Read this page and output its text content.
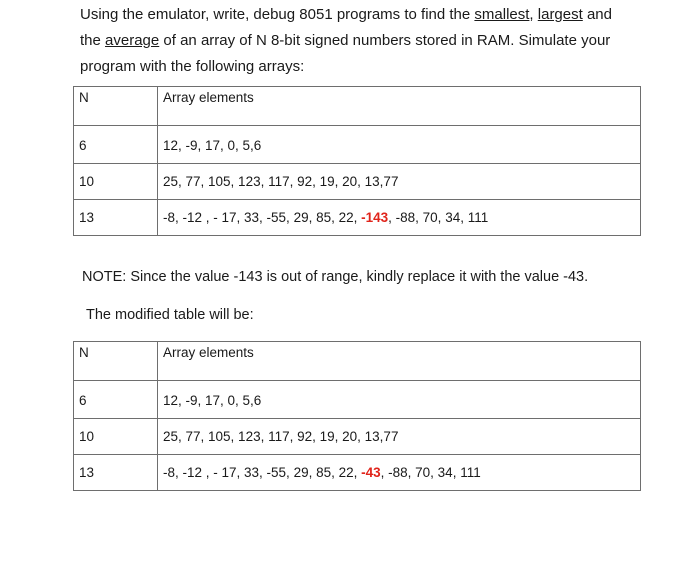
Using the emulator, write, debug 8051 programs to find the smallest, largest and
the average of an array of N 8-bit signed numbers stored in RAM. Simulate your program with the following arrays:
N	Array elements
6	12, -9, 17, 0, 5,6
10	25, 77, 105, 123, 117, 92, 19, 20, 13,77
13	-8, -12 , - 17, 33, -55, 29, 85, 22, -143, -88, 70, 34, 111
NOTE: Since the value -143 is out of range, kindly replace it with the value -43.
The modified table will be:
N	Array elements
6	12, -9, 17, 0, 5,6
10	25, 77, 105, 123, 117, 92, 19, 20, 13,77
13	-8, -12 , - 17, 33, -55, 29, 85, 22, -43, -88, 70, 34, 111
